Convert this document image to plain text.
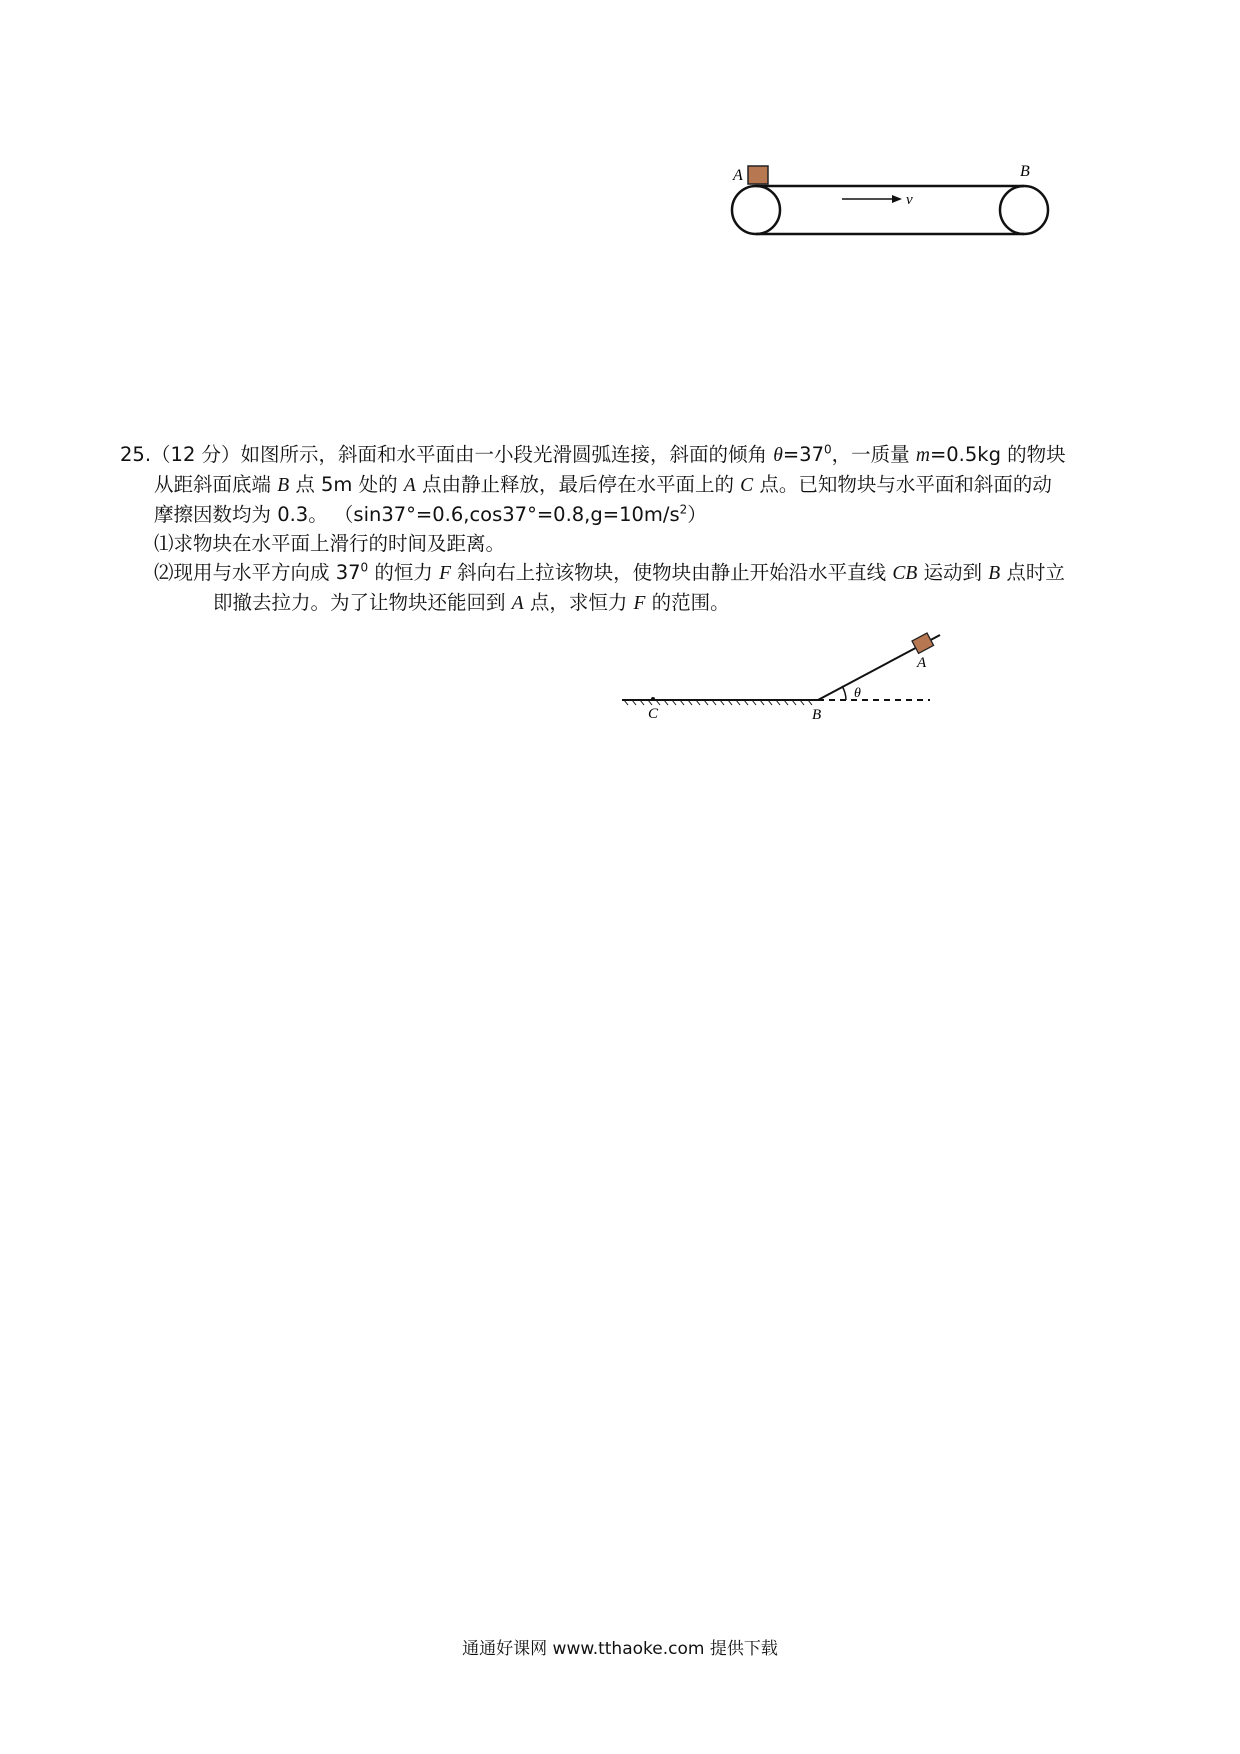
v
A	B

25.（12 分）如图所示，斜面和水平面由一小段光滑圆弧连接，斜面的倾角 $\theta=37^0$，一质量 m=0.5kg 的物块

从距斜面底端 B 点 5m 处的 A 点由静止释放，最后停在水平面上的 C 点。已知物块与水平面和斜面的动

摩擦因数均为 0.3。 $(\sin 37^\circ=0.6,\cos 37^\circ=0.8,g=10m/s^2)$

⑴求物块在水平面上滑行的时间及距离。

⑵现用与水平方向成 $37^0$ 的恒力 F 斜向右上拉该物块，使物块由静止开始沿水平直线 CB 运动到 B 点时立

即撤去拉力。为了让物块还能回到 A 点，求恒力 F 的范围。

A
B
C
θ
通通好课网 www.tthaoke.com 提供下载
